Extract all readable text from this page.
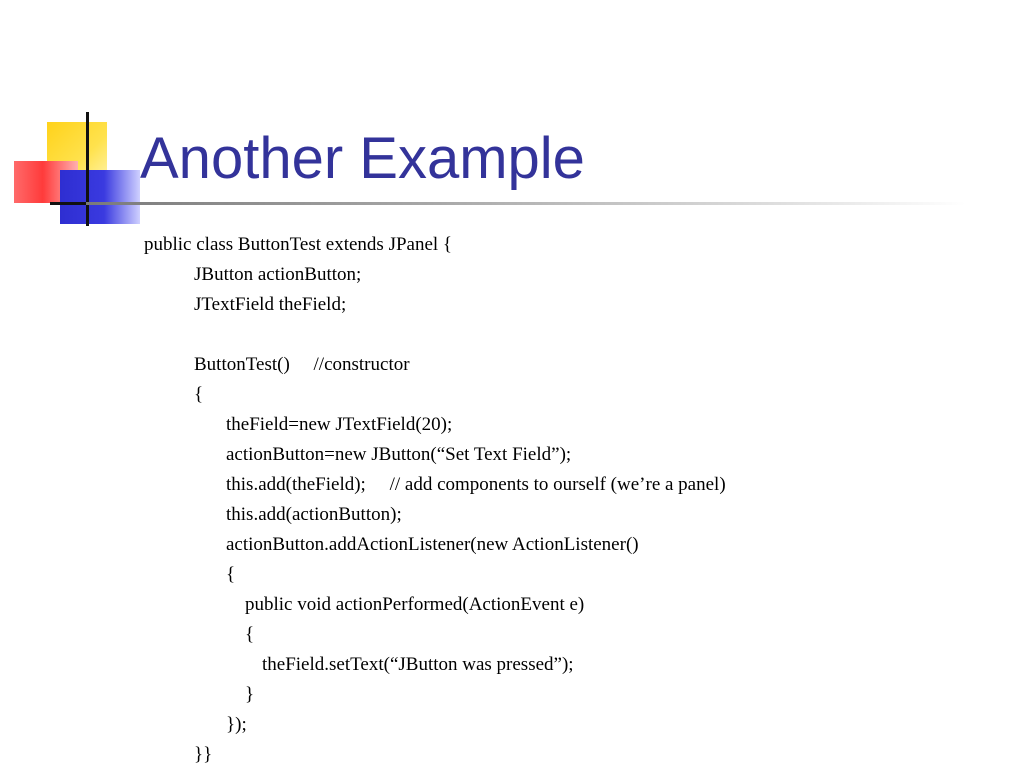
Another Example
public class ButtonTest extends JPanel {
JButton actionButton;
JTextField theField;
ButtonTest()     //constructor
{
theField=new JTextField(20);
actionButton=new JButton(“Set Text Field”);
this.add(theField);     // add components to ourself (we’re a panel)
this.add(actionButton);
actionButton.addActionListener(new ActionListener()
{
public void actionPerformed(ActionEvent e)
{
theField.setText(“JButton was pressed”);
}
});
}}
